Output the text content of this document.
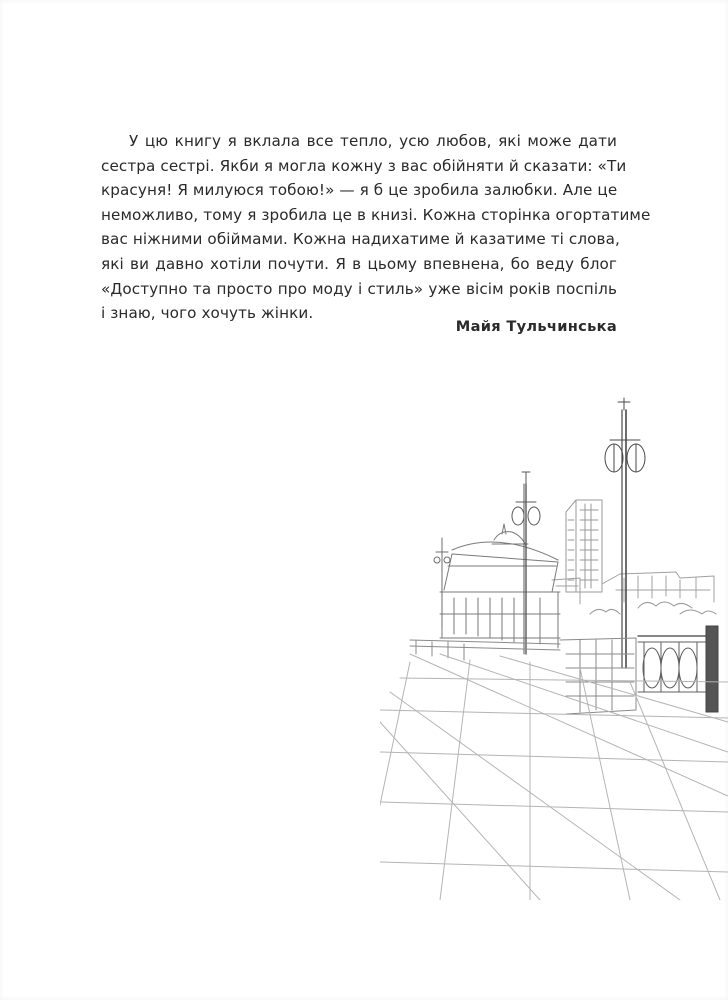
У цю книгу я вклала все тепло, усю любов, які може дати
сестра сестрі. Якби я могла кожну з вас обійняти й сказати: «Ти
красуня! Я милуюся тобою!» — я б це зробила залюбки. Але це
неможливо, тому я зробила це в книзі. Кожна сторінка огортатиме
вас ніжними обіймами. Кожна надихатиме й казатиме ті слова,
які ви давно хотіли почути. Я в цьому впевнена, бо веду блог
«Доступно та просто про моду і стиль» уже вісім років поспіль
і знаю, чого хочуть жінки.

Майя Тульчинська
